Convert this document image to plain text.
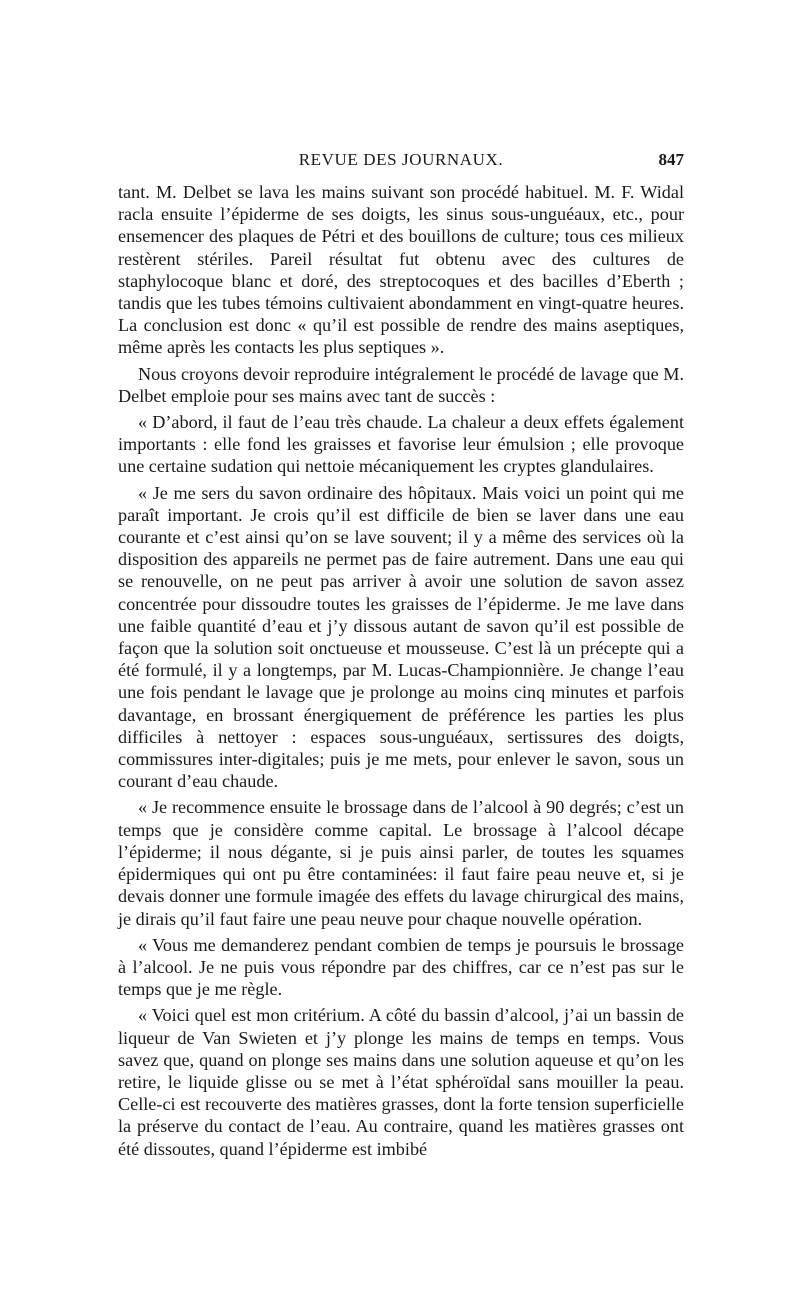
REVUE DES JOURNAUX.	847

tant. M. Delbet se lava les mains suivant son procédé habituel. M. F. Widal racla ensuite l’épiderme de ses doigts, les sinus sous-unguéaux, etc., pour ensemencer des plaques de Pétri et des bouillons de culture; tous ces milieux restèrent stériles. Pareil résultat fut obtenu avec des cultures de staphylocoque blanc et doré, des streptocoques et des bacilles d’Eberth ; tandis que les tubes témoins cultivaient abondamment en vingt-quatre heures. La conclusion est donc « qu’il est possible de rendre des mains aseptiques, même après les contacts les plus septiques ».

Nous croyons devoir reproduire intégralement le procédé de lavage que M. Delbet emploie pour ses mains avec tant de succès :

« D’abord, il faut de l’eau très chaude. La chaleur a deux effets également importants : elle fond les graisses et favorise leur émulsion ; elle provoque une certaine sudation qui nettoie mécaniquement les cryptes glandulaires.

« Je me sers du savon ordinaire des hôpitaux. Mais voici un point qui me paraît important. Je crois qu’il est difficile de bien se laver dans une eau courante et c’est ainsi qu’on se lave souvent; il y a même des services où la disposition des appareils ne permet pas de faire autrement. Dans une eau qui se renouvelle, on ne peut pas arriver à avoir une solution de savon assez concentrée pour dissoudre toutes les graisses de l’épiderme. Je me lave dans une faible quantité d’eau et j’y dissous autant de savon qu’il est possible de façon que la solution soit onctueuse et mousseuse. C’est là un précepte qui a été formulé, il y a longtemps, par M. Lucas-Championnière. Je change l’eau une fois pendant le lavage que je prolonge au moins cinq minutes et parfois davantage, en brossant énergiquement de préférence les parties les plus difficiles à nettoyer : espaces sous-unguéaux, sertissures des doigts, commissures inter-digitales; puis je me mets, pour enlever le savon, sous un courant d’eau chaude.

« Je recommence ensuite le brossage dans de l’alcool à 90 degrés; c’est un temps que je considère comme capital. Le brossage à l’alcool décape l’épiderme; il nous dégante, si je puis ainsi parler, de toutes les squames épidermiques qui ont pu être contaminées: il faut faire peau neuve et, si je devais donner une formule imagée des effets du lavage chirurgical des mains, je dirais qu’il faut faire une peau neuve pour chaque nouvelle opération.

« Vous me demanderez pendant combien de temps je poursuis le brossage à l’alcool. Je ne puis vous répondre par des chiffres, car ce n’est pas sur le temps que je me règle.

« Voici quel est mon critérium. A côté du bassin d’alcool, j’ai un bassin de liqueur de Van Swieten et j’y plonge les mains de temps en temps. Vous savez que, quand on plonge ses mains dans une solution aqueuse et qu’on les retire, le liquide glisse ou se met à l’état sphéroïdal sans mouiller la peau. Celle-ci est recouverte des matières grasses, dont la forte tension superficielle la préserve du contact de l’eau. Au contraire, quand les matières grasses ont été dissoutes, quand l’épiderme est imbibé
